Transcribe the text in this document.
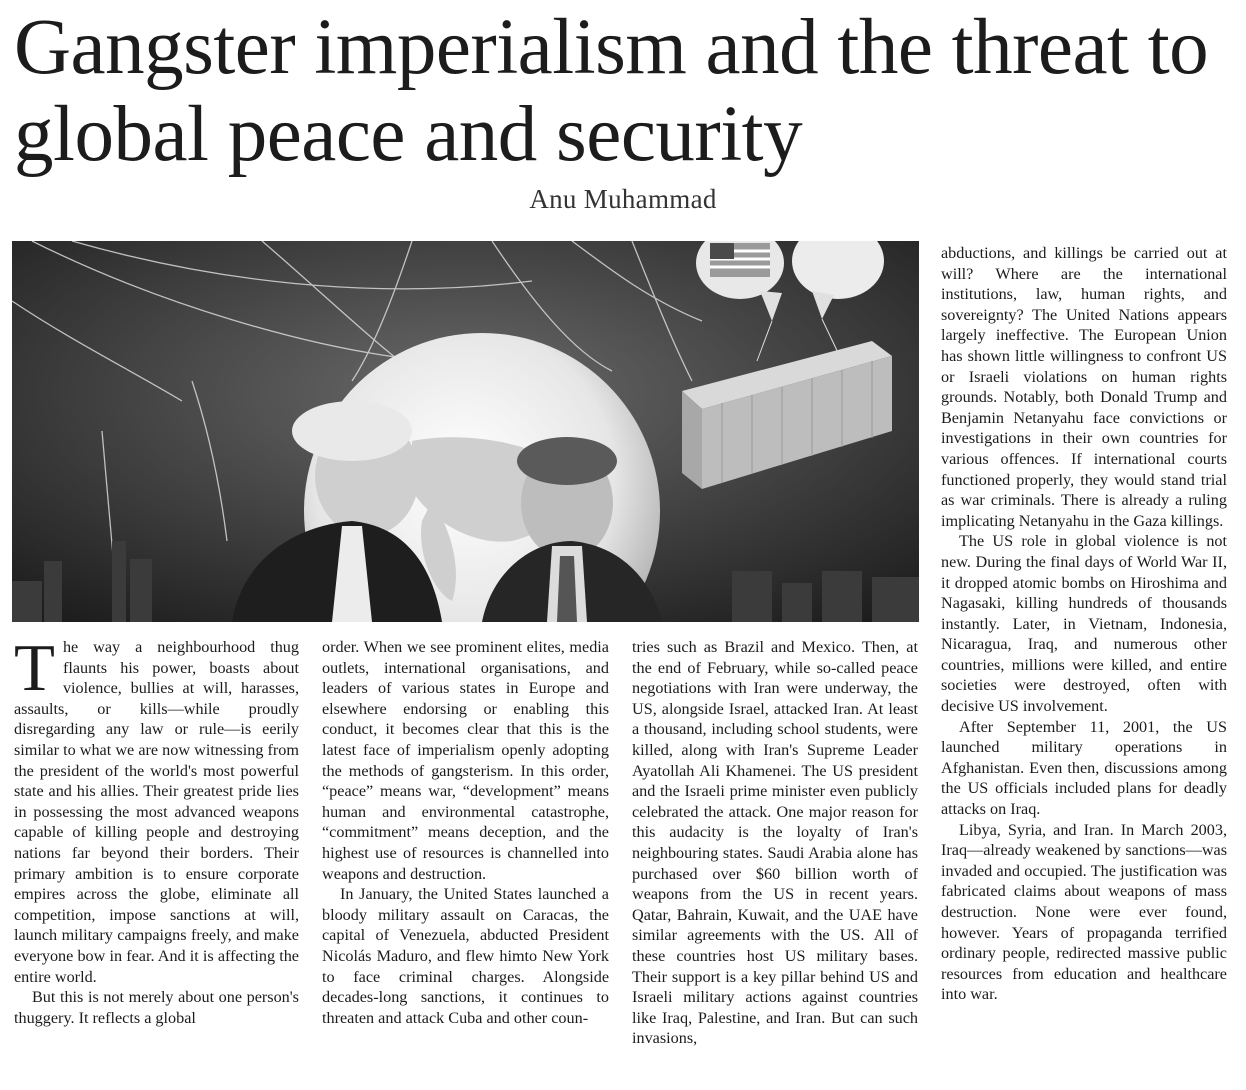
Gangster imperialism and the threat to global peace and security
Anu Muhammad

The way a neighbourhood thug flaunts his power, boasts about violence, bullies at will, harasses, assaults, or kills—while proudly disregarding any law or rule—is eerily similar to what we are now witnessing from the president of the world's most powerful state and his allies. Their greatest pride lies in possessing the most advanced weapons capable of killing people and destroying nations far beyond their borders. Their primary ambition is to ensure corporate empires across the globe, eliminate all competition, impose sanctions at will, launch military campaigns freely, and make everyone bow in fear. And it is affecting the entire world.

But this is not merely about one person's thuggery. It reflects a global

order. When we see prominent elites, media outlets, international organisations, and leaders of various states in Europe and elsewhere endorsing or enabling this conduct, it becomes clear that this is the latest face of imperialism openly adopting the methods of gangsterism. In this order, “peace” means war, “development” means human and environmental catastrophe, “commitment” means deception, and the highest use of resources is channelled into weapons and destruction.

In January, the United States launched a bloody military assault on Caracas, the capital of Venezuela, abducted President Nicolás Maduro, and flew himto New York to face criminal charges. Alongside decades-long sanctions, it continues to threaten and attack Cuba and other coun-

tries such as Brazil and Mexico. Then, at the end of February, while so-called peace negotiations with Iran were underway, the US, alongside Israel, attacked Iran. At least a thousand, including school students, were killed, along with Iran's Supreme Leader Ayatollah Ali Khamenei. The US president and the Israeli prime minister even publicly celebrated the attack. One major reason for this audacity is the loyalty of Iran's neighbouring states. Saudi Arabia alone has purchased over $60 billion worth of weapons from the US in recent years. Qatar, Bahrain, Kuwait, and the UAE have similar agreements with the US. All of these countries host US military bases. Their support is a key pillar behind US and Israeli military actions against countries like Iraq, Palestine, and Iran. But can such invasions,

abductions, and killings be carried out at will? Where are the international institutions, law, human rights, and sovereignty? The United Nations appears largely ineffective. The European Union has shown little willingness to confront US or Israeli violations on human rights grounds. Notably, both Donald Trump and Benjamin Netanyahu face convictions or investigations in their own countries for various offences. If international courts functioned properly, they would stand trial as war criminals. There is already a ruling implicating Netanyahu in the Gaza killings.

The US role in global violence is not new. During the final days of World War II, it dropped atomic bombs on Hiroshima and Nagasaki, killing hundreds of thousands instantly. Later, in Vietnam, Indonesia, Nicaragua, Iraq, and numerous other countries, millions were killed, and entire societies were destroyed, often with decisive US involvement.

After September 11, 2001, the US launched military operations in Afghanistan. Even then, discussions among the US officials included plans for deadly attacks on Iraq.

Libya, Syria, and Iran. In March 2003, Iraq—already weakened by sanctions—was invaded and occupied. The justification was fabricated claims about weapons of mass destruction. None were ever found, however. Years of propaganda terrified ordinary people, redirected massive public resources from education and healthcare into war.
